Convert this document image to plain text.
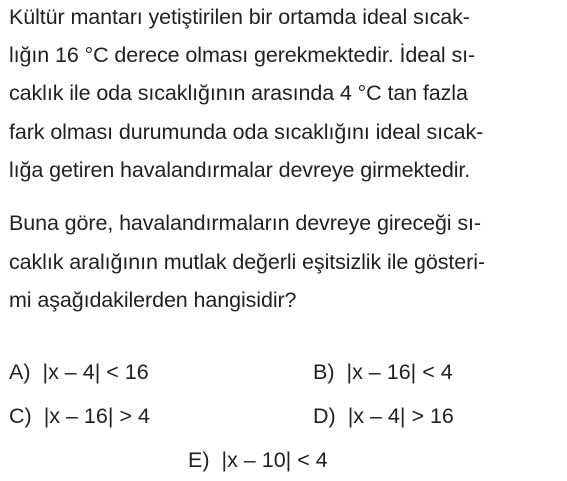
Kültür mantarı yetiştirilen bir ortamda ideal sıcak-
lığın 16 °C derece olması gerekmektedir. İdeal sı-
caklık ile oda sıcaklığının arasında 4 °C tan fazla
fark olması durumunda oda sıcaklığını ideal sıcak-
lığa getiren havalandırmalar devreye girmektedir.
Buna göre, havalandırmaların devreye gireceği sı-
caklık aralığının mutlak değerli eşitsizlik ile gösteri-
mi aşağıdakilerden hangisidir?
A) |x – 4| < 16	B) |x – 16| < 4
C) |x – 16| > 4	D) |x – 4| > 16
E) |x – 10| < 4
